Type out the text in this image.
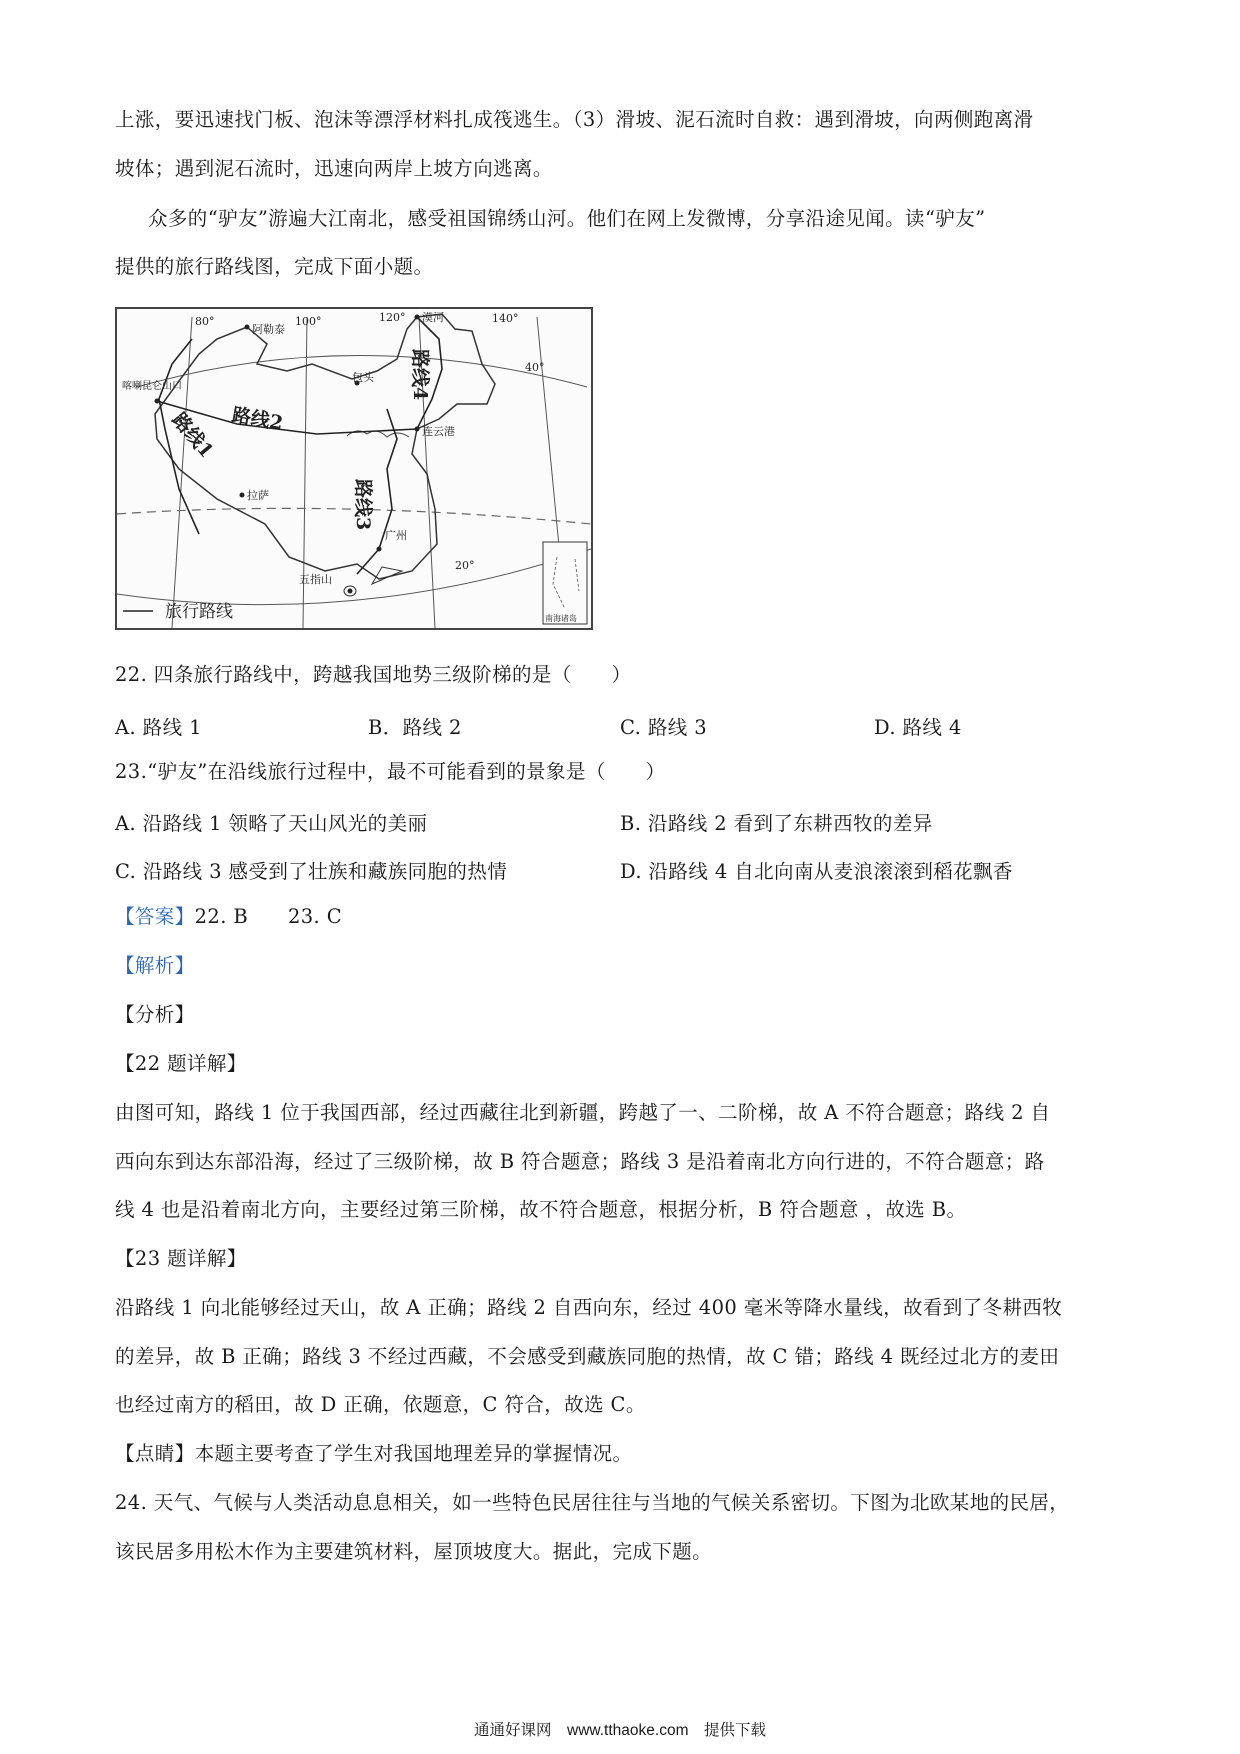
上涨，要迅速找门板、泡沫等漂浮材料扎成筏逃生。（3）滑坡、泥石流时自救：遇到滑坡，向两侧跑离滑
坡体；遇到泥石流时，迅速向两岸上坡方向逃离。
众多的“驴友”游遍大江南北，感受祖国锦绣山河。他们在网上发微博，分享沿途见闻。读“驴友”
提供的旅行路线图，完成下面小题。
80°	100°	120°	140°
40°
20°
阿勒泰
漠河
喀喇昆仑山口
包头
连云港
拉萨
广州
五指山
路线1 路线2
路线3
路线4
南海诸岛
旅行路线
22. 四条旅行路线中，跨越我国地势三级阶梯的是（　　）
A. 路线 1	B．路线 2	C. 路线 3	D. 路线 4
23.“驴友”在沿线旅行过程中，最不可能看到的景象是（　　）
A. 沿路线 1 领略了天山风光的美丽	B. 沿路线 2 看到了东耕西牧的差异
C. 沿路线 3 感受到了壮族和藏族同胞的热情	D. 沿路线 4 自北向南从麦浪滚滚到稻花飘香
【答案】22. B　　23. C
【解析】
【分析】
【22 题详解】
由图可知，路线 1 位于我国西部，经过西藏往北到新疆，跨越了一、二阶梯，故 A 不符合题意；路线 2 自
西向东到达东部沿海，经过了三级阶梯，故 B 符合题意；路线 3 是沿着南北方向行进的，不符合题意；路
线 4 也是沿着南北方向，主要经过第三阶梯，故不符合题意，根据分析，B 符合题意 ，故选 B。
【23 题详解】
沿路线 1 向北能够经过天山，故 A 正确；路线 2 自西向东，经过 400 毫米等降水量线，故看到了冬耕西牧
的差异，故 B 正确；路线 3 不经过西藏，不会感受到藏族同胞的热情，故 C 错；路线 4 既经过北方的麦田
也经过南方的稻田，故 D 正确，依题意，C 符合，故选 C。
【点睛】本题主要考查了学生对我国地理差异的掌握情况。
24. 天气、气候与人类活动息息相关，如一些特色民居往往与当地的气候关系密切。下图为北欧某地的民居，
该民居多用松木作为主要建筑材料，屋顶坡度大。据此，完成下题。
通通好课网　www.tthaoke.com　提供下载
